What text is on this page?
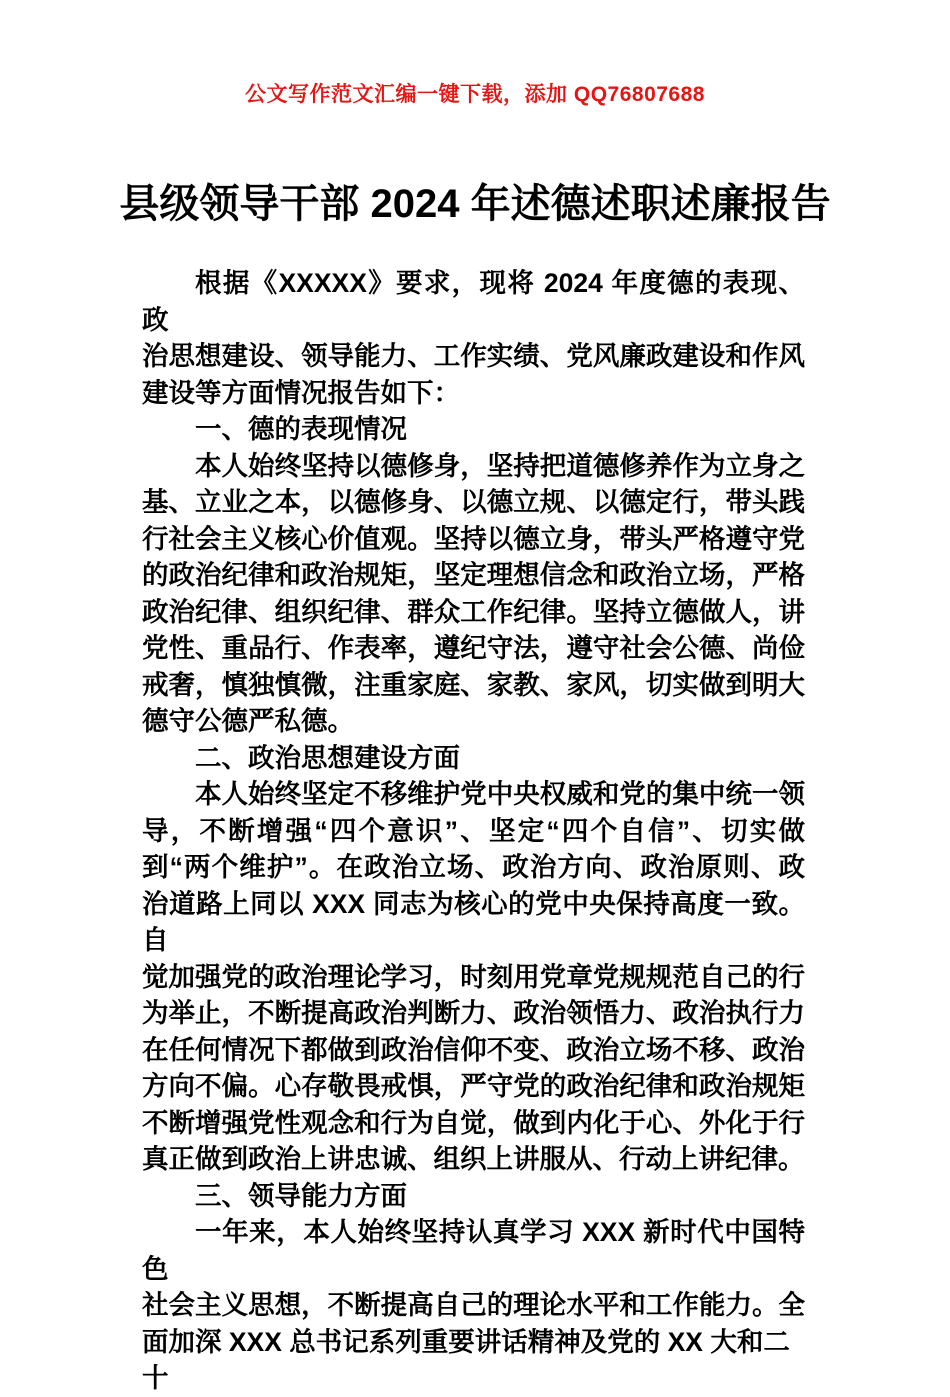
公文写作范文汇编一键下载，添加 QQ76807688
县级领导干部 2024 年述德述职述廉报告
根据《XXXXX》要求，现将 2024 年度德的表现、政
治思想建设、领导能力、工作实绩、党风廉政建设和作风
建设等方面情况报告如下：
一、德的表现情况
本人始终坚持以德修身，坚持把道德修养作为立身之
基、立业之本，以德修身、以德立规、以德定行，带头践
行社会主义核心价值观。坚持以德立身，带头严格遵守党
的政治纪律和政治规矩，坚定理想信念和政治立场，严格
政治纪律、组织纪律、群众工作纪律。坚持立德做人，讲
党性、重品行、作表率，遵纪守法，遵守社会公德、尚俭
戒奢，慎独慎微，注重家庭、家教、家风，切实做到明大
德守公德严私德。
二、政治思想建设方面
本人始终坚定不移维护党中央权威和党的集中统一领
导，不断增强“四个意识”、坚定“四个自信”、切实做
到“两个维护”。在政治立场、政治方向、政治原则、政
治道路上同以 XXX 同志为核心的党中央保持高度一致。自
觉加强党的政治理论学习，时刻用党章党规规范自己的行
为举止，不断提高政治判断力、政治领悟力、政治执行力
在任何情况下都做到政治信仰不变、政治立场不移、政治
方向不偏。心存敬畏戒惧，严守党的政治纪律和政治规矩
不断增强党性观念和行为自觉，做到内化于心、外化于行
真正做到政治上讲忠诚、组织上讲服从、行动上讲纪律。
三、领导能力方面
一年来，本人始终坚持认真学习 XXX 新时代中国特色
社会主义思想，不断提高自己的理论水平和工作能力。全
面加深 XXX 总书记系列重要讲话精神及党的 XX 大和二十
